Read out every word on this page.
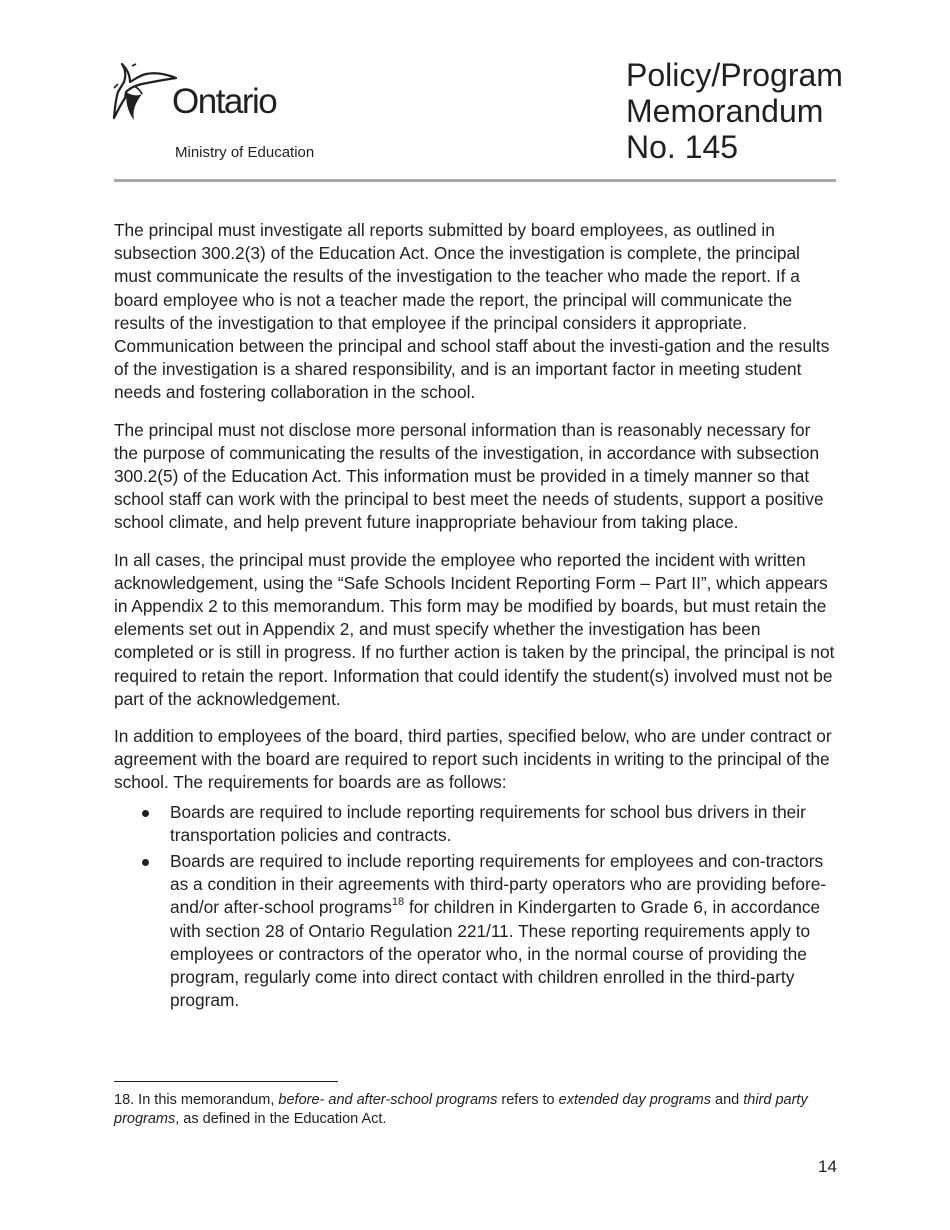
Ontario
Ministry of Education
Policy/Program
Memorandum
No. 145

The principal must investigate all reports submitted by board employees, as outlined in subsection 300.2(3) of the Education Act. Once the investigation is complete, the principal must communicate the results of the investigation to the teacher who made the report. If a board employee who is not a teacher made the report, the principal will communicate the results of the investigation to that employee if the principal considers it appropriate. Communication between the principal and school staff about the investi-gation and the results of the investigation is a shared responsibility, and is an important factor in meeting student needs and fostering collaboration in the school.

The principal must not disclose more personal information than is reasonably necessary for the purpose of communicating the results of the investigation, in accordance with subsection 300.2(5) of the Education Act. This information must be provided in a timely manner so that school staff can work with the principal to best meet the needs of students, support a positive school climate, and help prevent future inappropriate behaviour from taking place.

In all cases, the principal must provide the employee who reported the incident with written acknowledgement, using the “Safe Schools Incident Reporting Form – Part II”, which appears in Appendix 2 to this memorandum. This form may be modified by boards, but must retain the elements set out in Appendix 2, and must specify whether the investigation has been completed or is still in progress. If no further action is taken by the principal, the principal is not required to retain the report. Information that could identify the student(s) involved must not be part of the acknowledgement.

In addition to employees of the board, third parties, specified below, who are under contract or agreement with the board are required to report such incidents in writing to the principal of the school. The requirements for boards are as follows:

Boards are required to include reporting requirements for school bus drivers in their transportation policies and contracts.
Boards are required to include reporting requirements for employees and con-tractors as a condition in their agreements with third-party operators who are providing before- and/or after-school programs$^{18}$ for children in Kindergarten to Grade 6, in accordance with section 28 of Ontario Regulation 221/11. These reporting requirements apply to employees or contractors of the operator who, in the normal course of providing the program, regularly come into direct contact with children enrolled in the third-party program.
18. In this memorandum, before- and after-school programs refers to extended day programs and third party programs, as defined in the Education Act.
14
